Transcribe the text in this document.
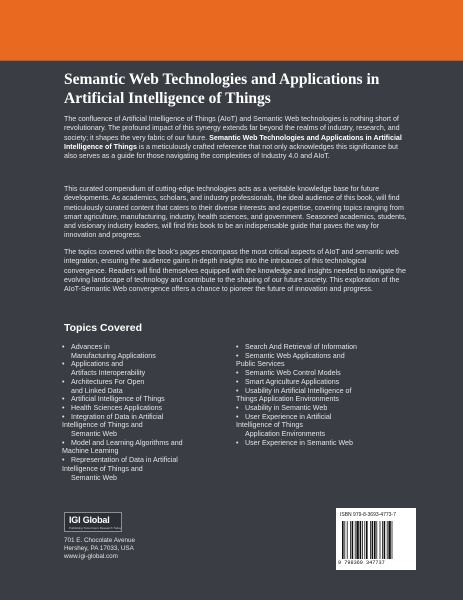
Semantic Web Technologies and Applications in Artificial Intelligence of Things
The confluence of Artificial Intelligence of Things (AIoT) and Semantic Web technologies is nothing short of revolutionary. The profound impact of this synergy extends far beyond the realms of industry, research, and society; it shapes the very fabric of our future. Semantic Web Technologies and Applications in Artificial Intelligence of Things is a meticulously crafted reference that not only acknowledges this significance but also serves as a guide for those navigating the complexities of Industry 4.0 and AIoT.
This curated compendium of cutting-edge technologies acts as a veritable knowledge base for future developments. As academics, scholars, and industry professionals, the ideal audience of this book, will find meticulously curated content that caters to their diverse interests and expertise, covering topics ranging from smart agriculture, manufacturing, industry, health sciences, and government. Seasoned academics, students, and visionary industry leaders, will find this book to be an indispensable guide that paves the way for innovation and progress.
The topics covered within the book's pages encompass the most critical aspects of AIoT and semantic web integration, ensuring the audience gains in-depth insights into the intricacies of this technological convergence. Readers will find themselves equipped with the knowledge and insights needed to navigate the evolving landscape of technology and contribute to the shaping of our future society. This exploration of the AIoT-Semantic Web convergence offers a chance to pioneer the future of innovation and progress.
Topics Covered
• Advances in
Manufacturing Applications
• Applications and
Artifacts Interoperability
• Architectures For Open
and Linked Data
• Artificial Intelligence of Things
• Health Sciences Applications
• Integration of Data in Artificial
Intelligence of Things and
Semantic Web
• Model and Learning Algorithms and
Machine Learning
• Representation of Data in Artificial
Intelligence of Things and
Semantic Web
• Search And Retrieval of Information
• Semantic Web Applications and
Public Services
• Semantic Web Control Models
• Smart Agriculture Applications
• Usability in Artificial Intelligence of
Things Application Environments
• Usability in Semantic Web
• User Experience in Artificial
Intelligence of Things
Application Environments
• User Experience in Semantic Web
IGI Global
Publishing Tomorrow's Research Today
701 E. Chocolate Avenue
Hershey, PA 17033, USA
www.igi-global.com
ISBN 979-8-3693-4773-7
9 798369 347737
